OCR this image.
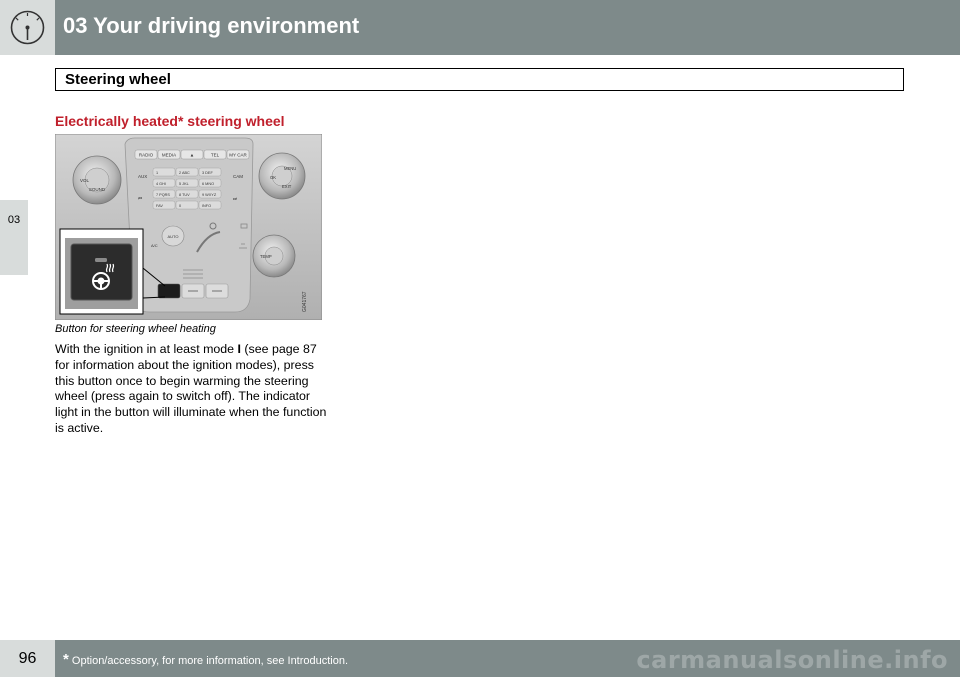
03 Your driving environment
03
Steering wheel
Electrically heated* steering wheel
RADIO MEDIA	▲	TEL MY CAR
AUX	CAM
⏮	⏭
1	2 ABC	3 DEF
4 GHI	5 JKL	6 MNO
7 PQRS 8 TUV	9 WXYZ
FAV	0	INFO
AUTO
A/C
VOL
SOUND
MENU
OK
EXIT
TEMP
G041767
Button for steering wheel heating
With the ignition in at least mode I (see page 87 for information about the ignition modes), press this button once to begin warming the steering wheel (press again to switch off). The indicator light in the button will illuminate when the function is active.
96	* Option/accessory, for more information, see Introduction.	carmanualsonline.info
